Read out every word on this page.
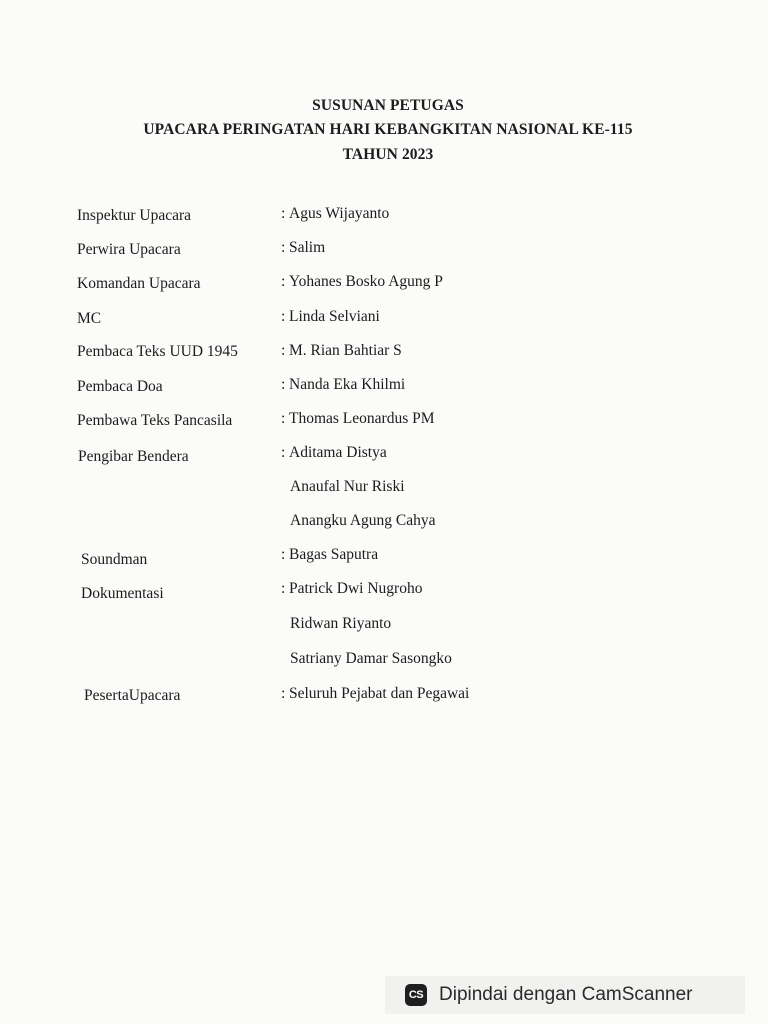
SUSUNAN PETUGAS
UPACARA PERINGATAN HARI KEBANGKITAN NASIONAL KE-115
TAHUN 2023
Inspektur Upacara	: Agus Wijayanto
Perwira Upacara	: Salim
Komandan Upacara	: Yohanes Bosko Agung P
MC	: Linda Selviani
Pembaca Teks UUD 1945	: M. Rian Bahtiar S
Pembaca Doa	: Nanda Eka Khilmi
Pembawa Teks Pancasila	: Thomas Leonardus PM
Pengibar Bendera	: Aditama Distya
Anaufal Nur Riski
Anangku Agung Cahya
Soundman	: Bagas Saputra
Dokumentasi	: Patrick Dwi Nugroho
Ridwan Riyanto
Satriany Damar Sasongko
PesertaUpacara	: Seluruh Pejabat dan Pegawai
CS Dipindai dengan CamScanner
